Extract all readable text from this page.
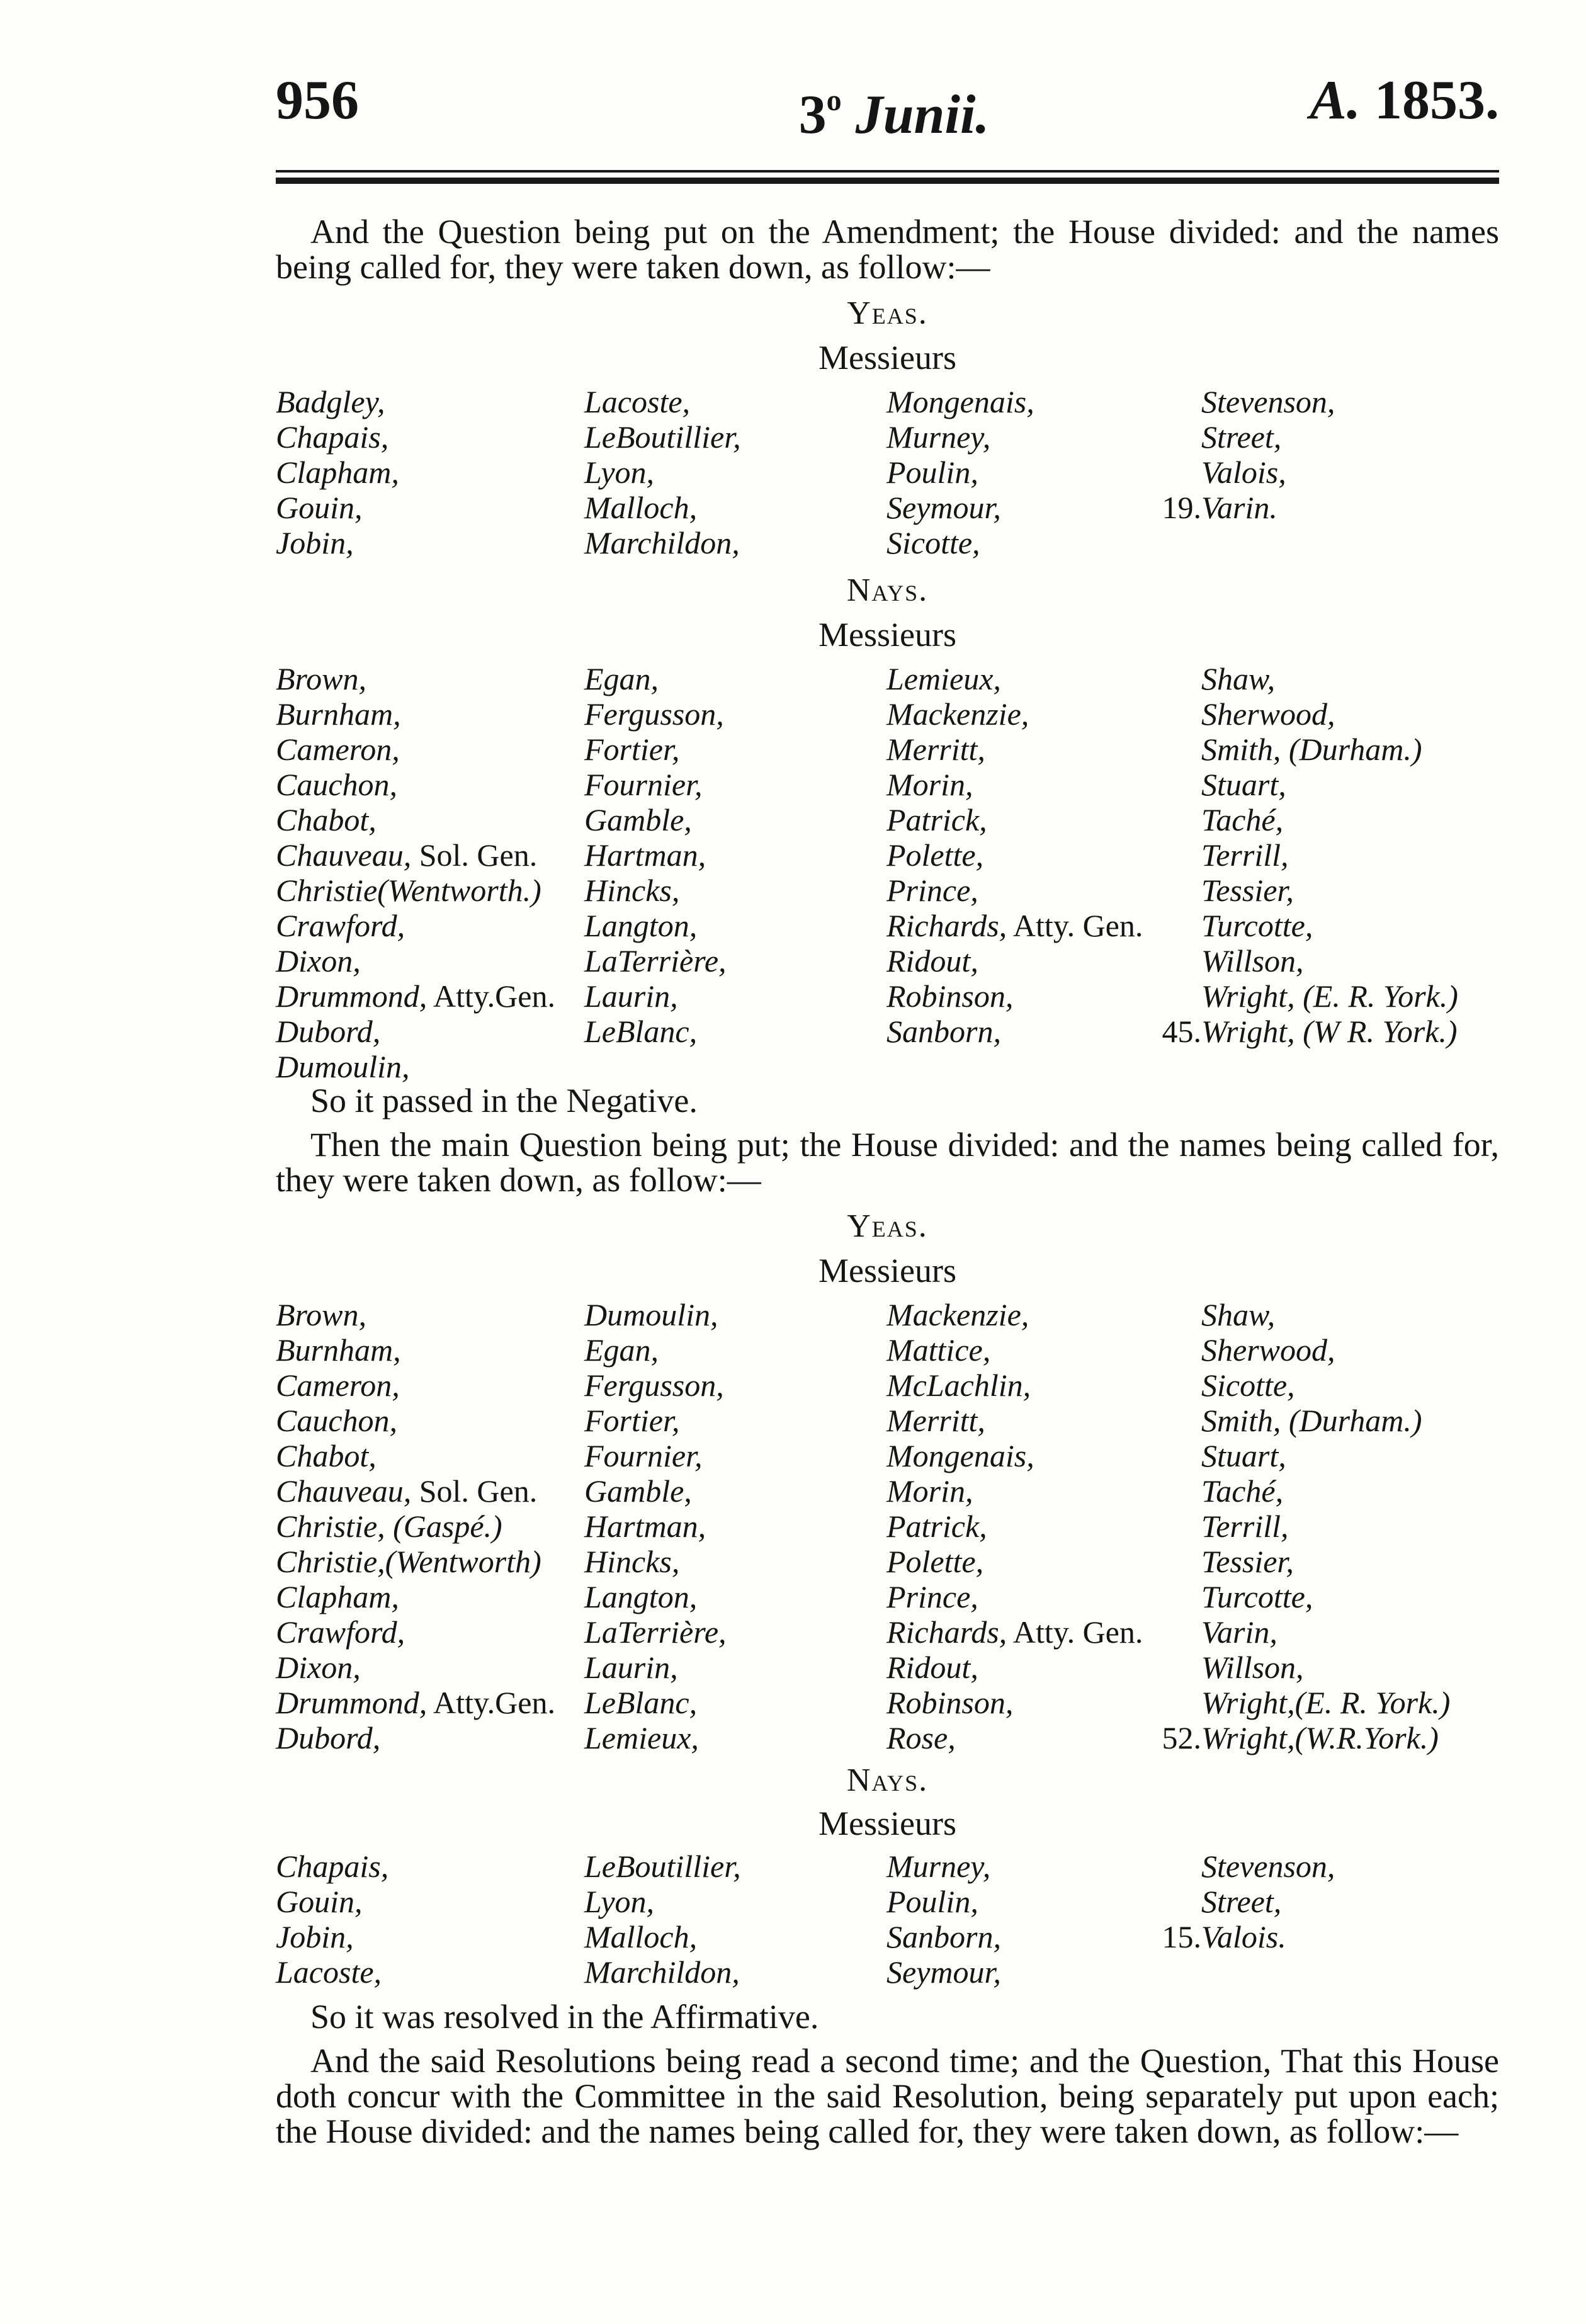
956	3$^o$ Junii.	A. 1853.

And the Question being put on the Amendment; the House divided: and the names being called for, they were taken down, as follow:—

Yeas.
Messieurs
Badgley,
Chapais,
Clapham,
Gouin,
Jobin,
Lacoste,
LeBoutillier,
Lyon,
Malloch,
Marchildon,
Mongenais,
Murney,
Poulin,
Seymour,
Sicotte,
Stevenson,
Street,
Valois,
19.Varin.
Nays.
Messieurs
Brown,
Burnham,
Cameron,
Cauchon,
Chabot,
Chauveau, Sol. Gen.
Christie(Wentworth.)
Crawford,
Dixon,
Drummond, Atty.Gen.
Dubord,
Dumoulin,
Egan,
Fergusson,
Fortier,
Fournier,
Gamble,
Hartman,
Hincks,
Langton,
LaTerrière,
Laurin,
LeBlanc,
Lemieux,
Mackenzie,
Merritt,
Morin,
Patrick,
Polette,
Prince,
Richards, Atty. Gen.
Ridout,
Robinson,
Sanborn,
Shaw,
Sherwood,
Smith, (Durham.)
Stuart,
Taché,
Terrill,
Tessier,
Turcotte,
Willson,
Wright, (E. R. York.)
45.Wright, (W R. York.)
So it passed in the Negative.

Then the main Question being put; the House divided: and the names being called for, they were taken down, as follow:—

Yeas.
Messieurs
Brown,
Burnham,
Cameron,
Cauchon,
Chabot,
Chauveau, Sol. Gen.
Christie, (Gaspé.)
Christie,(Wentworth)
Clapham,
Crawford,
Dixon,
Drummond, Atty.Gen.
Dubord,
Dumoulin,
Egan,
Fergusson,
Fortier,
Fournier,
Gamble,
Hartman,
Hincks,
Langton,
LaTerrière,
Laurin,
LeBlanc,
Lemieux,
Mackenzie,
Mattice,
McLachlin,
Merritt,
Mongenais,
Morin,
Patrick,
Polette,
Prince,
Richards, Atty. Gen.
Ridout,
Robinson,
Rose,
Shaw,
Sherwood,
Sicotte,
Smith, (Durham.)
Stuart,
Taché,
Terrill,
Tessier,
Turcotte,
Varin,
Willson,
Wright,(E. R. York.)
52.Wright,(W.R.York.)
Nays.
Messieurs
Chapais,
Gouin,
Jobin,
Lacoste,
LeBoutillier,
Lyon,
Malloch,
Marchildon,
Murney,
Poulin,
Sanborn,
Seymour,
Stevenson,
Street,
15.Valois.
So it was resolved in the Affirmative.

And the said Resolutions being read a second time; and the Question, That this House doth concur with the Committee in the said Resolution, being separately put upon each; the House divided: and the names being called for, they were taken down, as follow:—
